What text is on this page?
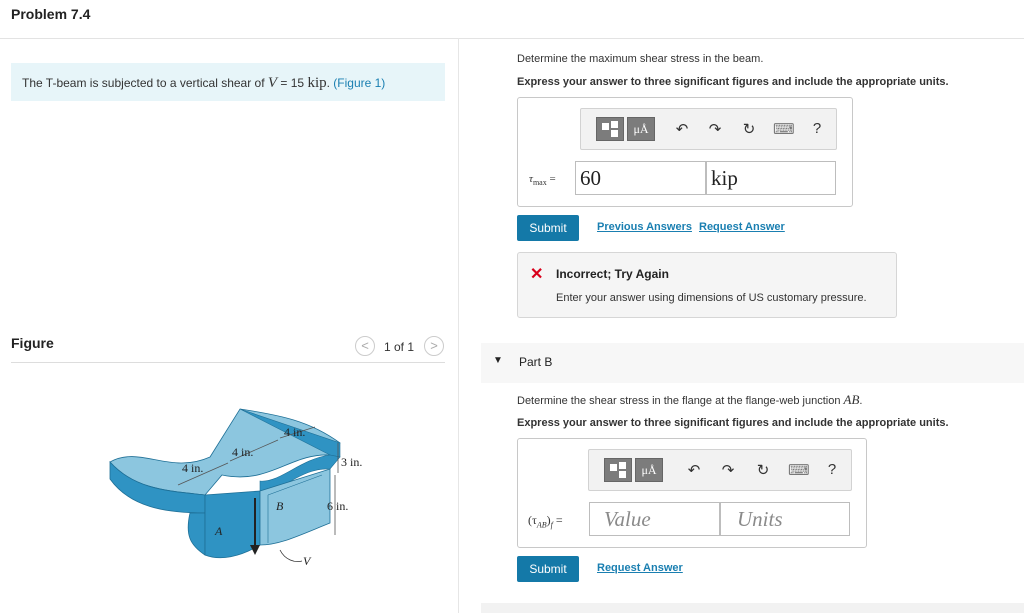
Problem 7.4
The T-beam is subjected to a vertical shear of V = 15 kip. (Figure 1)
Figure	<	1 of 1	>
4 in.
4 in.
4 in.
3 in.
6 in.
A
B
V
Determine the maximum shear stress in the beam.
Express your answer to three significant figures and include the appropriate units.
μÅ	↶ ↷ ↻ ⌨	?
$\tau_{max} = 60$	kip
Submit	Previous Answers Request Answer
✕ Incorrect; Try Again
Enter your answer using dimensions of US customary pressure.
▼ Part B
Determine the shear stress in the flange at the flange-web junction AB.
Express your answer to three significant figures and include the appropriate units.
μÅ	↶ ↷ ↻ ⌨	?
$(\tau_{AB})_f$ =	Value	Units
Submit	Request Answer
